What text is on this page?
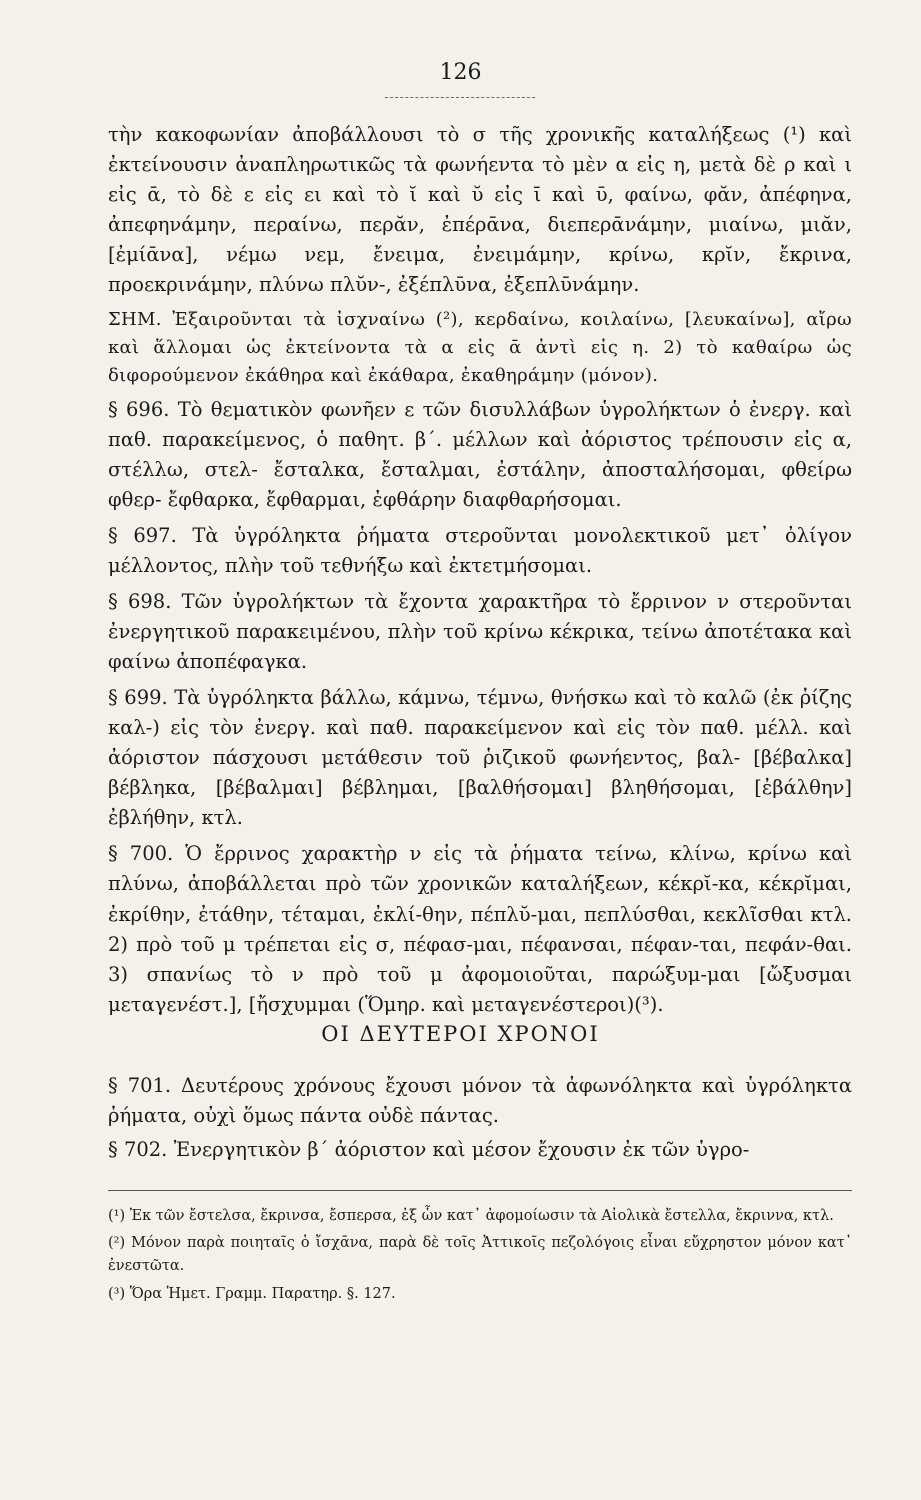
126

τὴν κακοφωνίαν ἀποβάλλουσι τὸ σ τῆς χρονικῆς καταλήξεως (¹) καὶ ἐκτείνουσιν ἀναπληρωτικῶς τὰ φωνήεντα τὸ μὲν α εἰς η, μετὰ δὲ ρ καὶ ι εἰς ᾱ, τὸ δὲ ε εἰς ει καὶ τὸ ῐ καὶ ῠ εἰς ῑ καὶ ῡ, φαίνω, φᾰν, ἀπέφηνα, ἀπεφηνάμην, περαίνω, περᾰν, ἐπέρᾱνα, διεπερᾱνάμην, μιαίνω, μιᾰν, [ἐμίᾱνα], νέμω νεμ, ἔνειμα, ἐνειμάμην, κρίνω, κρῐν, ἔκρινα, προεκρινάμην, πλύνω πλῠν-, ἐξέπλῡνα, ἐξεπλῡνάμην.

ΣΗΜ. Ἐξαιροῦνται τὰ ἰσχναίνω (²), κερδαίνω, κοιλαίνω, [λευκαίνω], αἴρω καὶ ἅλλομαι ὡς ἐκτείνοντα τὰ α εἰς ᾱ ἀντὶ εἰς η. 2) τὸ καθαίρω ὡς διφορούμενον ἐκάθηρα καὶ ἐκάθαρα, ἐκαθηράμην (μόνον).

§ 696. Τὸ θεματικὸν φωνῆεν ε τῶν δισυλλάβων ὑγρολήκτων ὁ ἐνεργ. καὶ παθ. παρακείμενος, ὁ παθητ. β΄. μέλλων καὶ ἀόριστος τρέπουσιν εἰς α, στέλλω, στελ- ἔσταλκα, ἔσταλμαι, ἐστάλην, ἀποσταλήσομαι, φθείρω φθερ- ἔφθαρκα, ἔφθαρμαι, ἐφθάρην διαφθαρήσομαι.

§ 697. Τὰ ὑγρόληκτα ῥήματα στεροῦνται μονολεκτικοῦ μετ᾽ ὀλίγον μέλλοντος, πλὴν τοῦ τεθνήξω καὶ ἐκτετμήσομαι.

§ 698. Τῶν ὑγρολήκτων τὰ ἔχοντα χαρακτῆρα τὸ ἔρρινον ν στεροῦνται ἐνεργητικοῦ παρακειμένου, πλὴν τοῦ κρίνω κέκρικα, τείνω ἀποτέτακα καὶ φαίνω ἀποπέφαγκα.

§ 699. Τὰ ὑγρόληκτα βάλλω, κάμνω, τέμνω, θνήσκω καὶ τὸ καλῶ (ἐκ ῥίζης καλ-) εἰς τὸν ἐνεργ. καὶ παθ. παρακείμενον καὶ εἰς τὸν παθ. μέλλ. καὶ ἀόριστον πάσχουσι μετάθεσιν τοῦ ῥιζικοῦ φωνήεντος, βαλ- [βέβαλκα] βέβληκα, [βέβαλμαι] βέβλημαι, [βαλθήσομαι] βληθήσομαι, [ἐβάλθην] ἐβλήθην, κτλ.

§ 700. Ὁ ἔρρινος χαρακτὴρ ν εἰς τὰ ῥήματα τείνω, κλίνω, κρίνω καὶ πλύνω, ἀποβάλλεται πρὸ τῶν χρονικῶν καταλήξεων, κέκρῐ-κα, κέκρῐμαι, ἐκρίθην, ἐτάθην, τέταμαι, ἐκλί-θην, πέπλῠ-μαι, πεπλύσθαι, κεκλῖσθαι κτλ. 2) πρὸ τοῦ μ τρέπεται εἰς σ, πέφασ-μαι, πέφανσαι, πέφαν-ται, πεφάν-θαι. 3) σπανίως τὸ ν πρὸ τοῦ μ ἀφομοιοῦται, παρώξυμ-μαι [ὤξυσμαι μεταγενέστ.], [ἤσχυμμαι (Ὅμηρ. καὶ μεταγενέστεροι)(³).

ΟΙ ΔΕΥΤΕΡΟΙ ΧΡΟΝΟΙ

§ 701. Δευτέρους χρόνους ἔχουσι μόνον τὰ ἀφωνόληκτα καὶ ὑγρόληκτα ῥήματα, οὐχὶ ὅμως πάντα οὐδὲ πάντας.

§ 702. Ἐνεργητικὸν β΄ ἀόριστον καὶ μέσον ἔχουσιν ἐκ τῶν ὑγρο-

(¹) Ἐκ τῶν ἔστελσα, ἔκρινσα, ἔσπερσα, ἐξ ὧν κατ᾽ ἀφομοίωσιν τὰ Αἰολικὰ ἔστελλα, ἔκριννα, κτλ.

(²) Μόνον παρὰ ποιηταῖς ὁ ἴσχᾱνα, παρὰ δὲ τοῖς Ἀττικοῖς πεζολόγοις εἶναι εὔχρηστον μόνον κατ᾽ ἐνεστῶτα.

(³) Ὅρα Ἡμετ. Γραμμ. Παρατηρ. §. 127.
